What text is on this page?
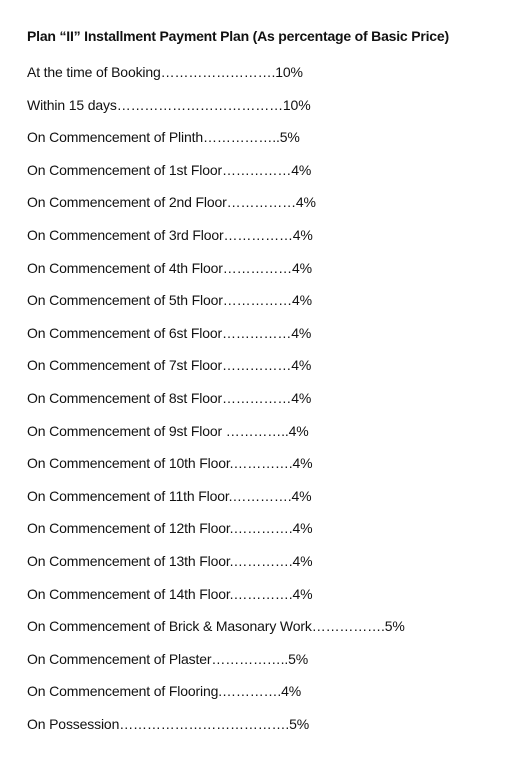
Plan “II” Installment Payment Plan (As percentage of Basic Price)
At the time of Booking…………………….10%
Within 15 days………………………………10%
On Commencement of Plinth……………..5%
On Commencement of 1st Floor……………4%
On Commencement of 2nd Floor……………4%
On Commencement of 3rd Floor……………4%
On Commencement of 4th Floor……………4%
On Commencement of 5th Floor……………4%
On Commencement of 6st Floor……………4%
On Commencement of 7st Floor……………4%
On Commencement of 8st Floor……………4%
On Commencement of 9st Floor …………..4%
On Commencement of 10th Floor.………….4%
On Commencement of 11th Floor.………….4%
On Commencement of 12th Floor.………….4%
On Commencement of 13th Floor.………….4%
On Commencement of 14th Floor.………….4%
On Commencement of Brick & Masonary Work…………….5%
On Commencement of Plaster……………..5%
On Commencement of Flooring.………….4%
On Possession……………………………….5%
